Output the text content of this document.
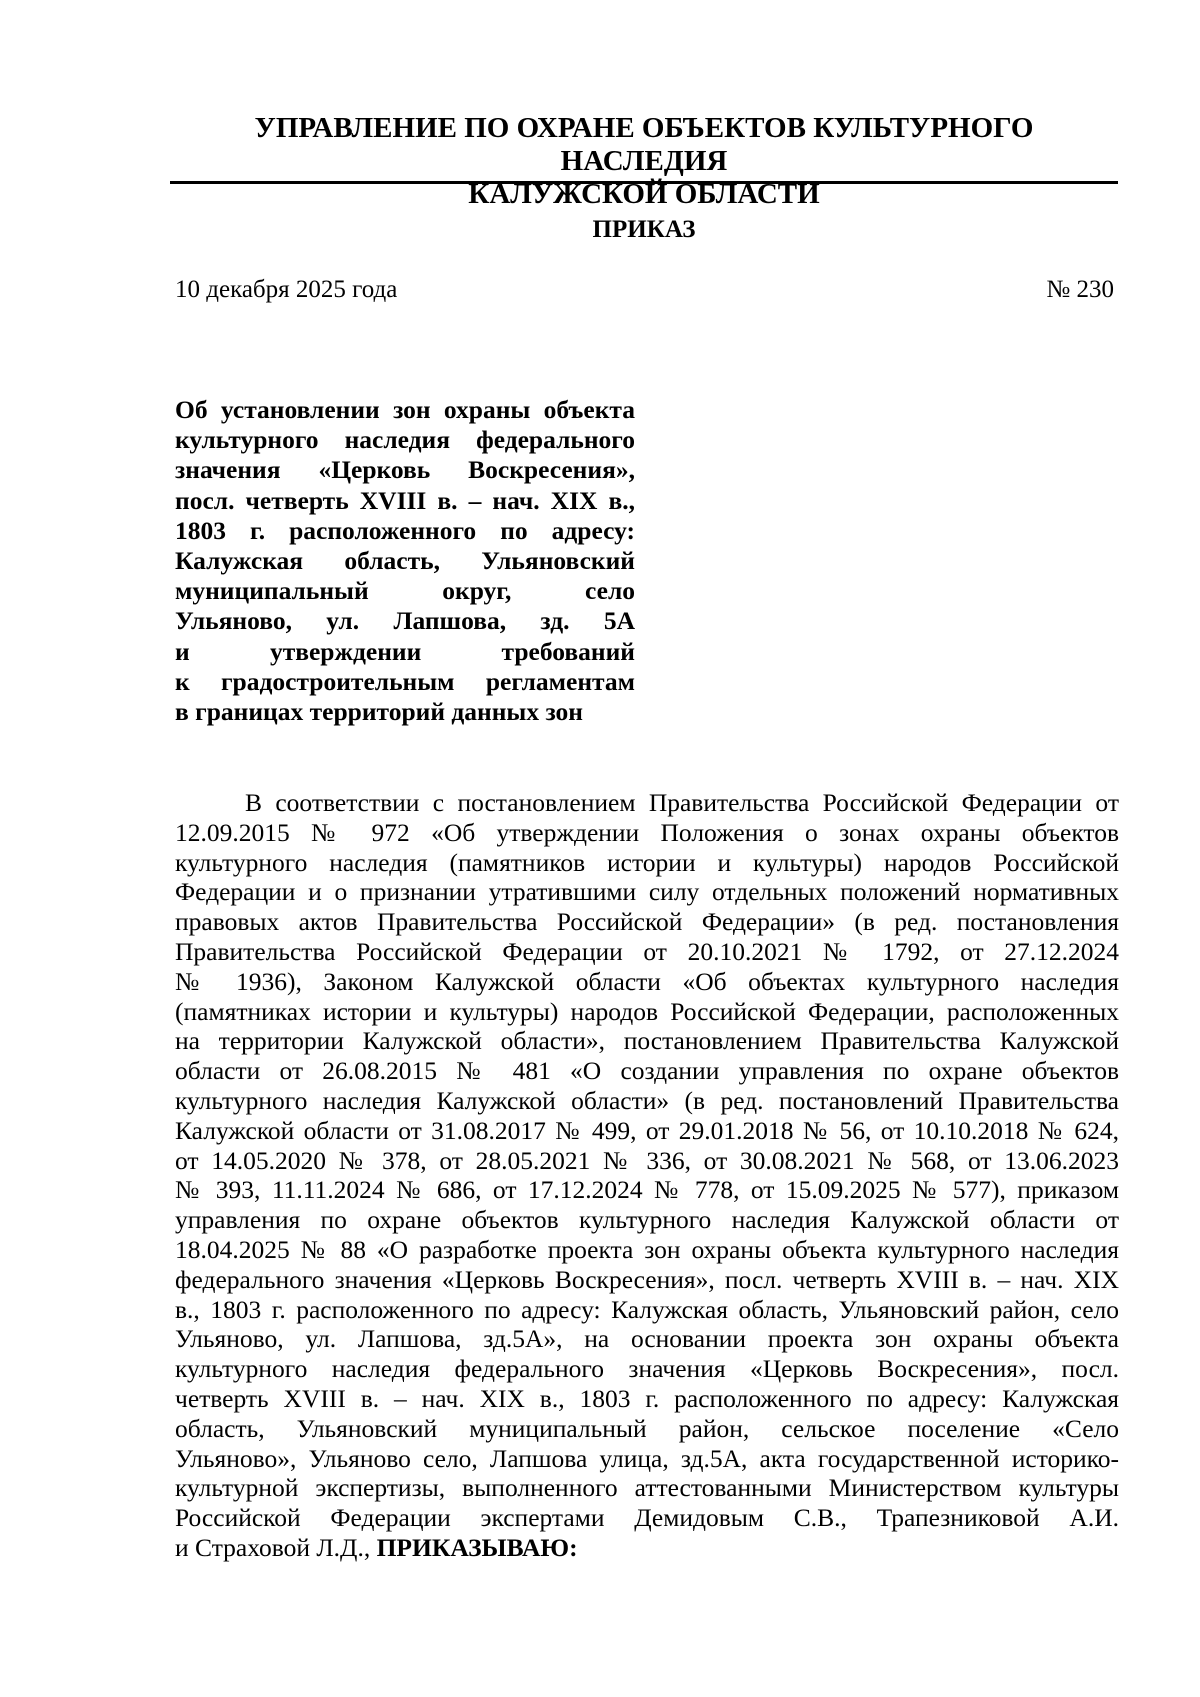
УПРАВЛЕНИЕ ПО ОХРАНЕ ОБЪЕКТОВ КУЛЬТУРНОГО НАСЛЕДИЯ
КАЛУЖСКОЙ ОБЛАСТИ
ПРИКАЗ
10 декабря 2025 года	№ 230
Об установлении зон охраны объекта
культурного наследия федерального
значения «Церковь Воскресения»,
посл. четверть XVIII в. – нач. XIX в.,
1803 г. расположенного по адресу:
Калужская область, Ульяновский
муниципальный округ, село
Ульяново, ул. Лапшова, зд. 5А
и утверждении требований
к градостроительным регламентам
в границах территорий данных зон
В соответствии с постановлением Правительства Российской Федерации от
12.09.2015 № 972 «Об утверждении Положения о зонах охраны объектов
культурного наследия (памятников истории и культуры) народов Российской
Федерации и о признании утратившими силу отдельных положений нормативных
правовых актов Правительства Российской Федерации» (в ред. постановления
Правительства Российской Федерации от 20.10.2021 № 1792, от 27.12.2024
№ 1936), Законом Калужской области «Об объектах культурного наследия
(памятниках истории и культуры) народов Российской Федерации, расположенных
на территории Калужской области», постановлением Правительства Калужской
области от 26.08.2015 № 481 «О создании управления по охране объектов
культурного наследия Калужской области» (в ред. постановлений Правительства
Калужской области от 31.08.2017 № 499, от 29.01.2018 № 56, от 10.10.2018 № 624,
от 14.05.2020 № 378, от 28.05.2021 № 336, от 30.08.2021 № 568, от 13.06.2023
№ 393, 11.11.2024 № 686, от 17.12.2024 № 778, от 15.09.2025 № 577), приказом
управления по охране объектов культурного наследия Калужской области от
18.04.2025 № 88 «О разработке проекта зон охраны объекта культурного наследия
федерального значения «Церковь Воскресения», посл. четверть XVIII в. – нач. XIX
в., 1803 г. расположенного по адресу: Калужская область, Ульяновский район, село
Ульяново, ул. Лапшова, зд.5А», на основании проекта зон охраны объекта
культурного наследия федерального значения «Церковь Воскресения», посл.
четверть XVIII в. – нач. XIX в., 1803 г. расположенного по адресу: Калужская
область, Ульяновский муниципальный район, сельское поселение «Село
Ульяново», Ульяново село, Лапшова улица, зд.5А, акта государственной историко-
культурной экспертизы, выполненного аттестованными Министерством культуры
Российской Федерации экспертами Демидовым С.В., Трапезниковой А.И.
и Страховой Л.Д., ПРИКАЗЫВАЮ:
